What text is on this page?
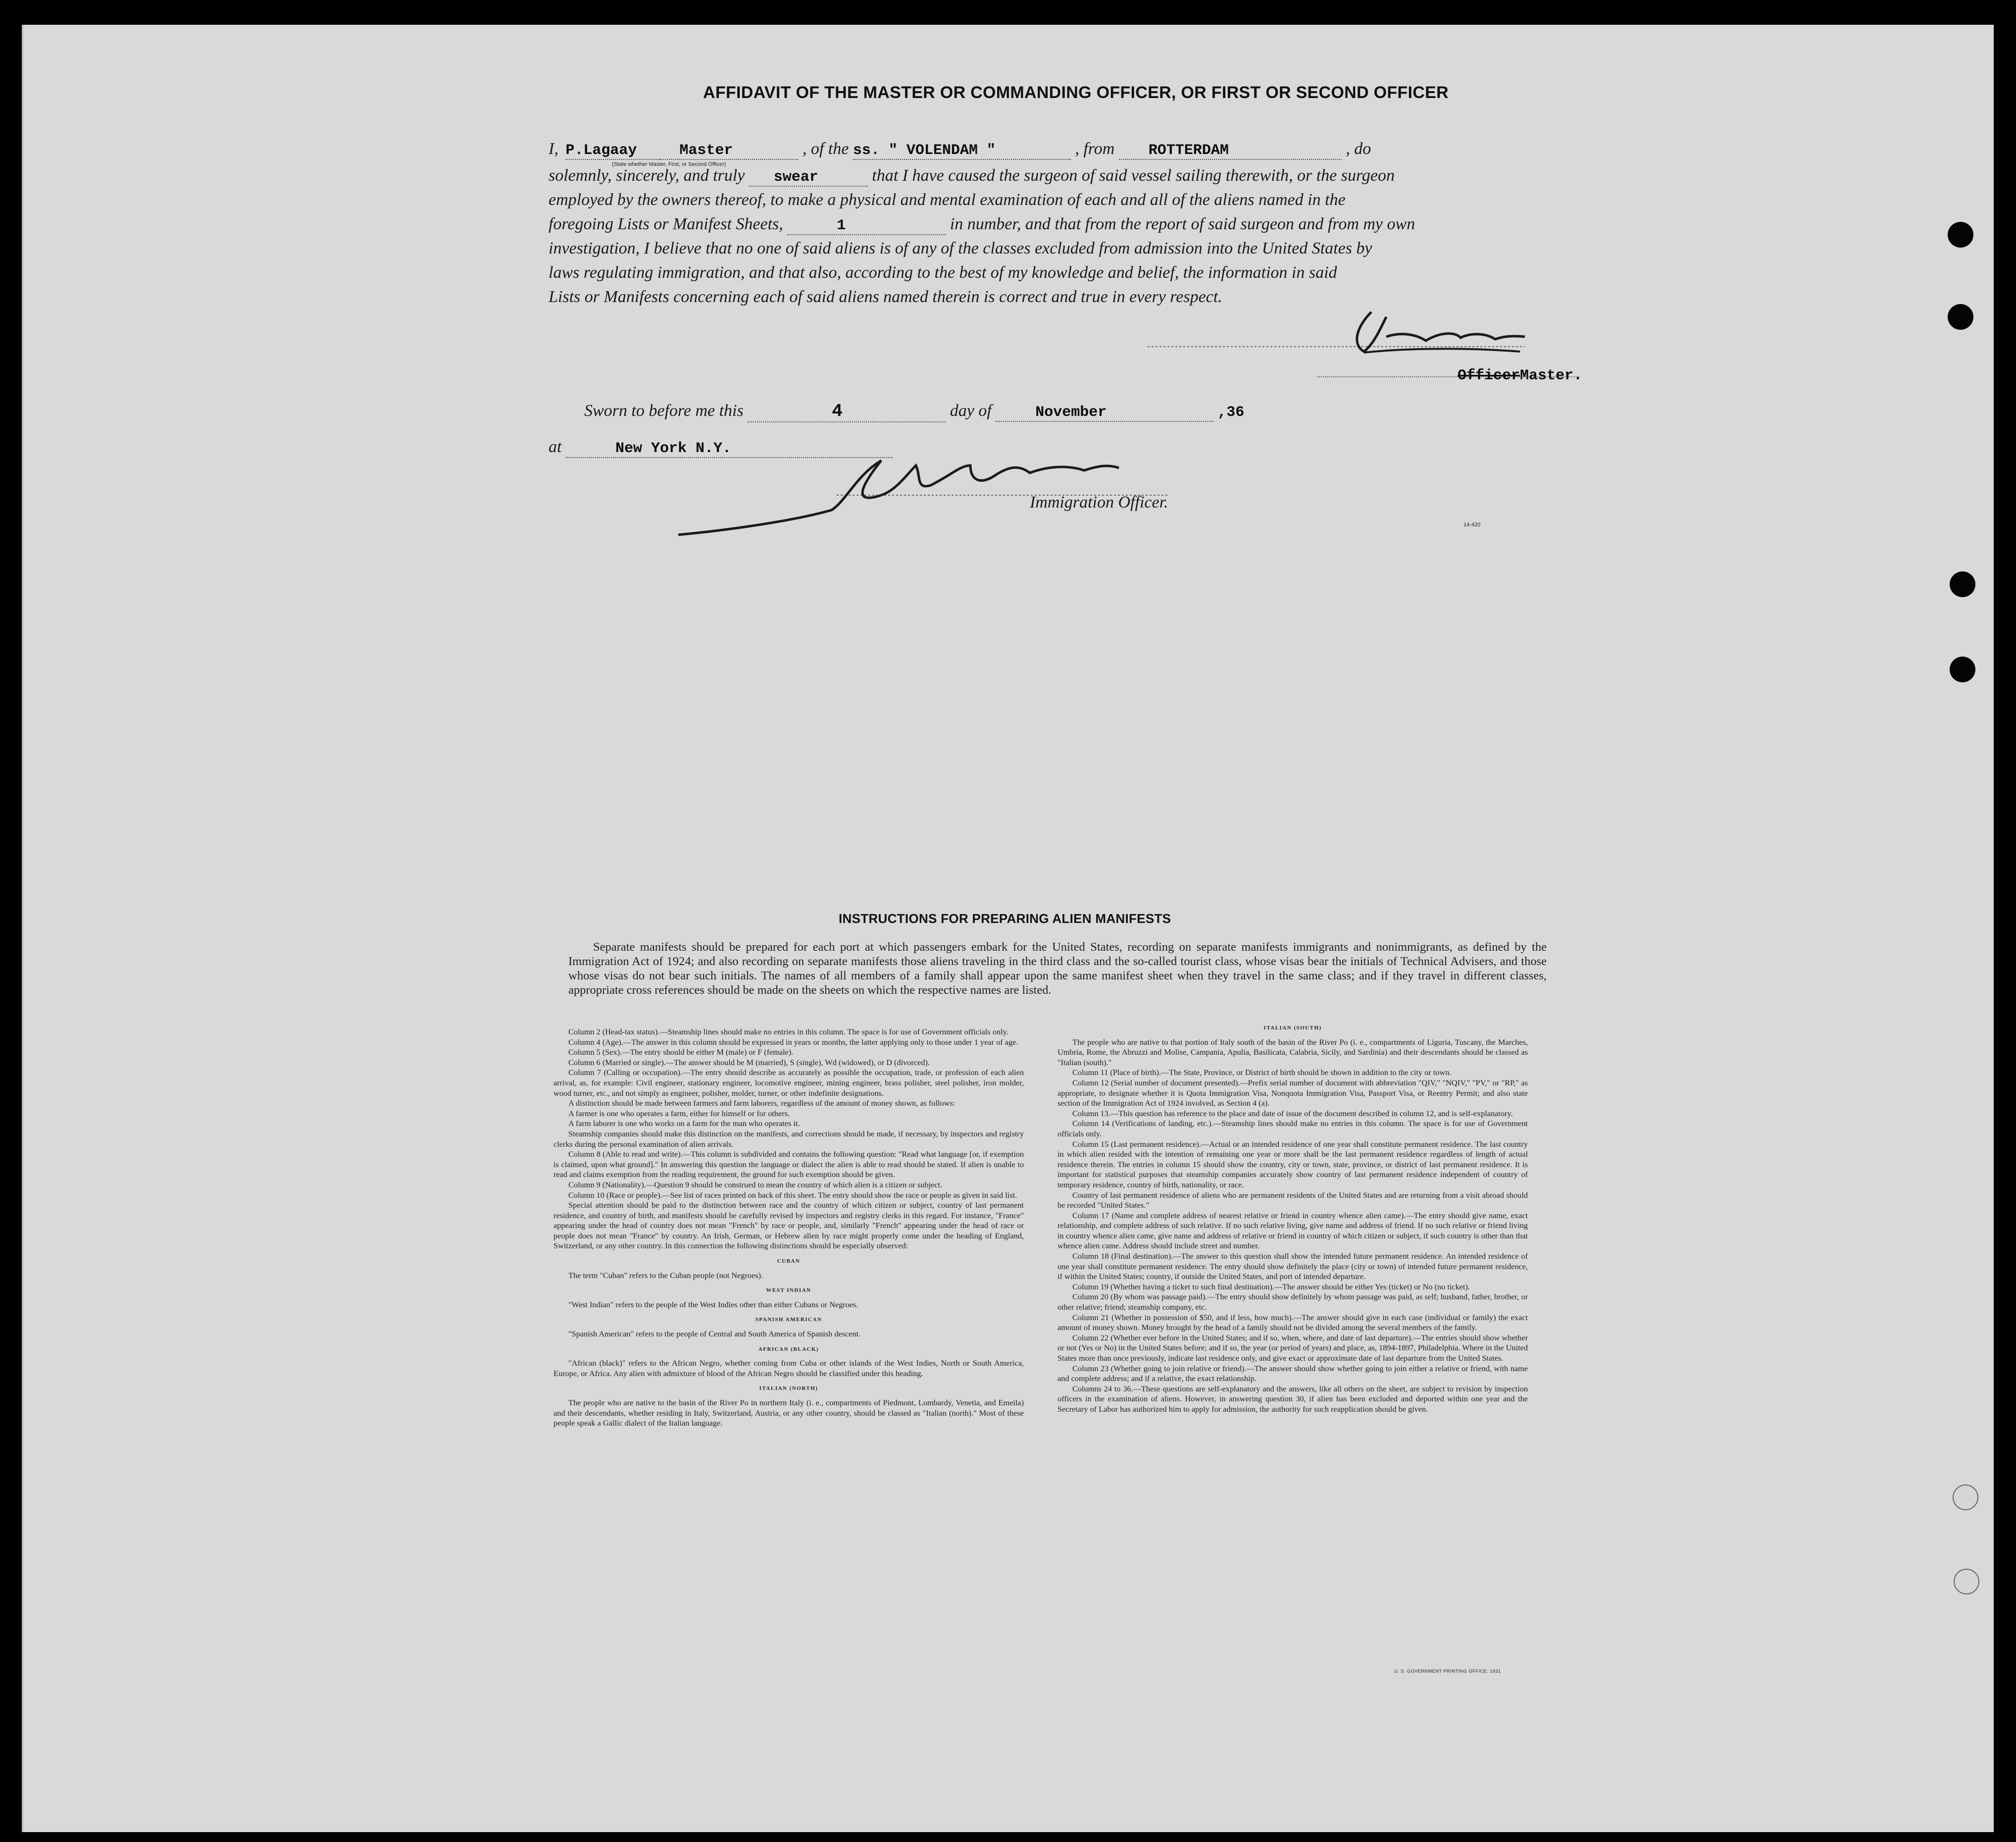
AFFIDAVIT OF THE MASTER OR COMMANDING OFFICER, OR FIRST OR SECOND OFFICER
I, P.Lagaay	Master	, of the ss. " VOLENDAM "	, from ROTTERDAM	, do
(State whether Master, First, or Second Officer)
solemnly, sincerely, and truly swear	that I have caused the surgeon of said vessel sailing therewith, or the surgeon
employed by the owners thereof, to make a physical and mental examination of each and all of the aliens named in the
foregoing Lists or Manifest Sheets,	1	in number, and that from the report of said surgeon and from my own
investigation, I believe that no one of said aliens is of any of the classes excluded from admission into the United States by
laws regulating immigration, and that also, according to the best of my knowledge and belief, the information in said
Lists or Manifests concerning each of said aliens named therein is correct and true in every respect.
OfficerMaster.
Sworn to before me this	4	day of	November	,36
at	New York N.Y.
Immigration Officer.
14-420
INSTRUCTIONS FOR PREPARING ALIEN MANIFESTS

Separate manifests should be prepared for each port at which passengers embark for the United States, recording on separate manifests immigrants and nonimmigrants, as defined by the Immigration Act of 1924; and also recording on separate manifests those aliens traveling in the third class and the so-called tourist class, whose visas bear the initials of Technical Advisers, and those whose visas do not bear such initials. The names of all members of a family shall appear upon the same manifest sheet when they travel in the same class; and if they travel in different classes, appropriate cross references should be made on the sheets on which the respective names are listed.

Column 2 (Head-tax status).—Steamship lines should make no entries in this column. The space is for use of Government officials only.

Column 4 (Age).—The answer in this column should be expressed in years or months, the latter applying only to those under 1 year of age.

Column 5 (Sex).—The entry should be either M (male) or F (female).

Column 6 (Married or single).—The answer should be M (married), S (single), Wd (widowed), or D (divorced).

Column 7 (Calling or occupation).—The entry should describe as accurately as possible the occupation, trade, or profession of each alien arrival, as, for example: Civil engineer, stationary engineer, locomotive engineer, mining engineer, brass polisher, steel polisher, iron molder, wood turner, etc., and not simply as engineer, polisher, molder, turner, or other indefinite designations.

A distinction should be made between farmers and farm laborers, regardless of the amount of money shown, as follows:

A farmer is one who operates a farm, either for himself or for others.

A farm laborer is one who works on a farm for the man who operates it.

Steamship companies should make this distinction on the manifests, and corrections should be made, if necessary, by inspectors and registry clerks during the personal examination of alien arrivals.

Column 8 (Able to read and write).—This column is subdivided and contains the following question: "Read what language [or, if exemption is claimed, upon what ground]." In answering this question the language or dialect the alien is able to read should be stated. If alien is unable to read and claims exemption from the reading requirement, the ground for such exemption should be given.

Column 9 (Nationality).—Question 9 should be construed to mean the country of which alien is a citizen or subject.

Column 10 (Race or people).—See list of races printed on back of this sheet. The entry should show the race or people as given in said list.

Special attention should be paid to the distinction between race and the country of which citizen or subject, country of last permanent residence, and country of birth, and manifests should be carefully revised by inspectors and registry clerks in this regard. For instance, "France" appearing under the head of country does not mean "French" by race or people, and, similarly "French" appearing under the head of race or people does not mean "France" by country. An Irish, German, or Hebrew alien by race might properly come under the heading of England, Switzerland, or any other country. In this connection the following distinctions should be especially observed:

CUBAN

The term "Cuban" refers to the Cuban people (not Negroes).

WEST INDIAN

"West Indian" refers to the people of the West Indies other than either Cubans or Negroes.

SPANISH AMERICAN

"Spanish American" refers to the people of Central and South America of Spanish descent.

AFRICAN (BLACK)

"African (black)" refers to the African Negro, whether coming from Cuba or other islands of the West Indies, North or South America, Europe, or Africa. Any alien with admixture of blood of the African Negro should be classified under this heading.

ITALIAN (NORTH)

The people who are native to the basin of the River Po in northern Italy (i. e., compartments of Piedmont, Lombardy, Venetia, and Emeila) and their descendants, whether residing in Italy, Switzerland, Austria, or any other country, should be classed as "Italian (north)." Most of these people speak a Gallic dialect of the Italian language.

ITALIAN (SOUTH)

The people who are native to that portion of Italy south of the basin of the River Po (i. e., compartments of Liguria, Tuscany, the Marches, Umbria, Rome, the Abruzzi and Molise, Campania, Apulia, Basilicata, Calabria, Sicily, and Sardinia) and their descendants should be classed as "Italian (south)."

Column 11 (Place of birth).—The State, Province, or District of birth should be shown in addition to the city or town.

Column 12 (Serial number of document presented).—Prefix serial number of document with abbreviation "QIV," "NQIV," "PV," or "RP," as appropriate, to designate whether it is Quota Immigration Visa, Nonquota Immigration Visa, Passport Visa, or Reentry Permit; and also state section of the Immigration Act of 1924 involved, as Section 4 (a).

Column 13.—This question has reference to the place and date of issue of the document described in column 12, and is self-explanatory.

Column 14 (Verifications of landing, etc.).—Steamship lines should make no entries in this column. The space is for use of Government officials only.

Column 15 (Last permanent residence).—Actual or an intended residence of one year shall constitute permanent residence. The last country in which alien resided with the intention of remaining one year or more shall be the last permanent residence regardless of length of actual residence therein. The entries in column 15 should show the country, city or town, state, province, or district of last permanent residence. It is important for statistical purposes that steamship companies accurately show country of last permanent residence independent of country of temporary residence, country of birth, nationality, or race.

Country of last permanent residence of aliens who are permanent residents of the United States and are returning from a visit abroad should be recorded "United States."

Column 17 (Name and complete address of nearest relative or friend in country whence alien came).—The entry should give name, exact relationship, and complete address of such relative. If no such relative living, give name and address of friend. If no such relative or friend living in country whence alien came, give name and address of relative or friend in country of which citizen or subject, if such country is other than that whence alien came. Address should include street and number.

Column 18 (Final destination).—The answer to this question shall show the intended future permanent residence. An intended residence of one year shall constitute permanent residence. The entry should show definitely the place (city or town) of intended future permanent residence, if within the United States; country, if outside the United States, and port of intended departure.

Column 19 (Whether having a ticket to such final destination).—The answer should be either Yes (ticket) or No (no ticket).

Column 20 (By whom was passage paid).—The entry should show definitely by whom passage was paid, as self; husband, father, brother, or other relative; friend; steamship company, etc.

Column 21 (Whether in possession of $50, and if less, how much).—The answer should give in each case (individual or family) the exact amount of money shown. Money brought by the head of a family should not be divided among the several members of the family.

Column 22 (Whether ever before in the United States; and if so, when, where, and date of last departure).—The entries should show whether or not (Yes or No) in the United States before; and if so, the year (or period of years) and place, as, 1894-1897, Philadelphia. Where in the United States more than once previously, indicate last residence only, and give exact or approximate date of last departure from the United States.

Column 23 (Whether going to join relative or friend).—The answer should show whether going to join either a relative or friend, with name and complete address; and if a relative, the exact relationship.

Columns 24 to 36.—These questions are self-explanatory and the answers, like all others on the sheet, are subject to revision by inspection officers in the examination of aliens. However, in answering question 30, if alien has been excluded and deported within one year and the Secretary of Labor has authorized him to apply for admission, the authority for such reapplication should be given.

U. S. GOVERNMENT PRINTING OFFICE: 1931
